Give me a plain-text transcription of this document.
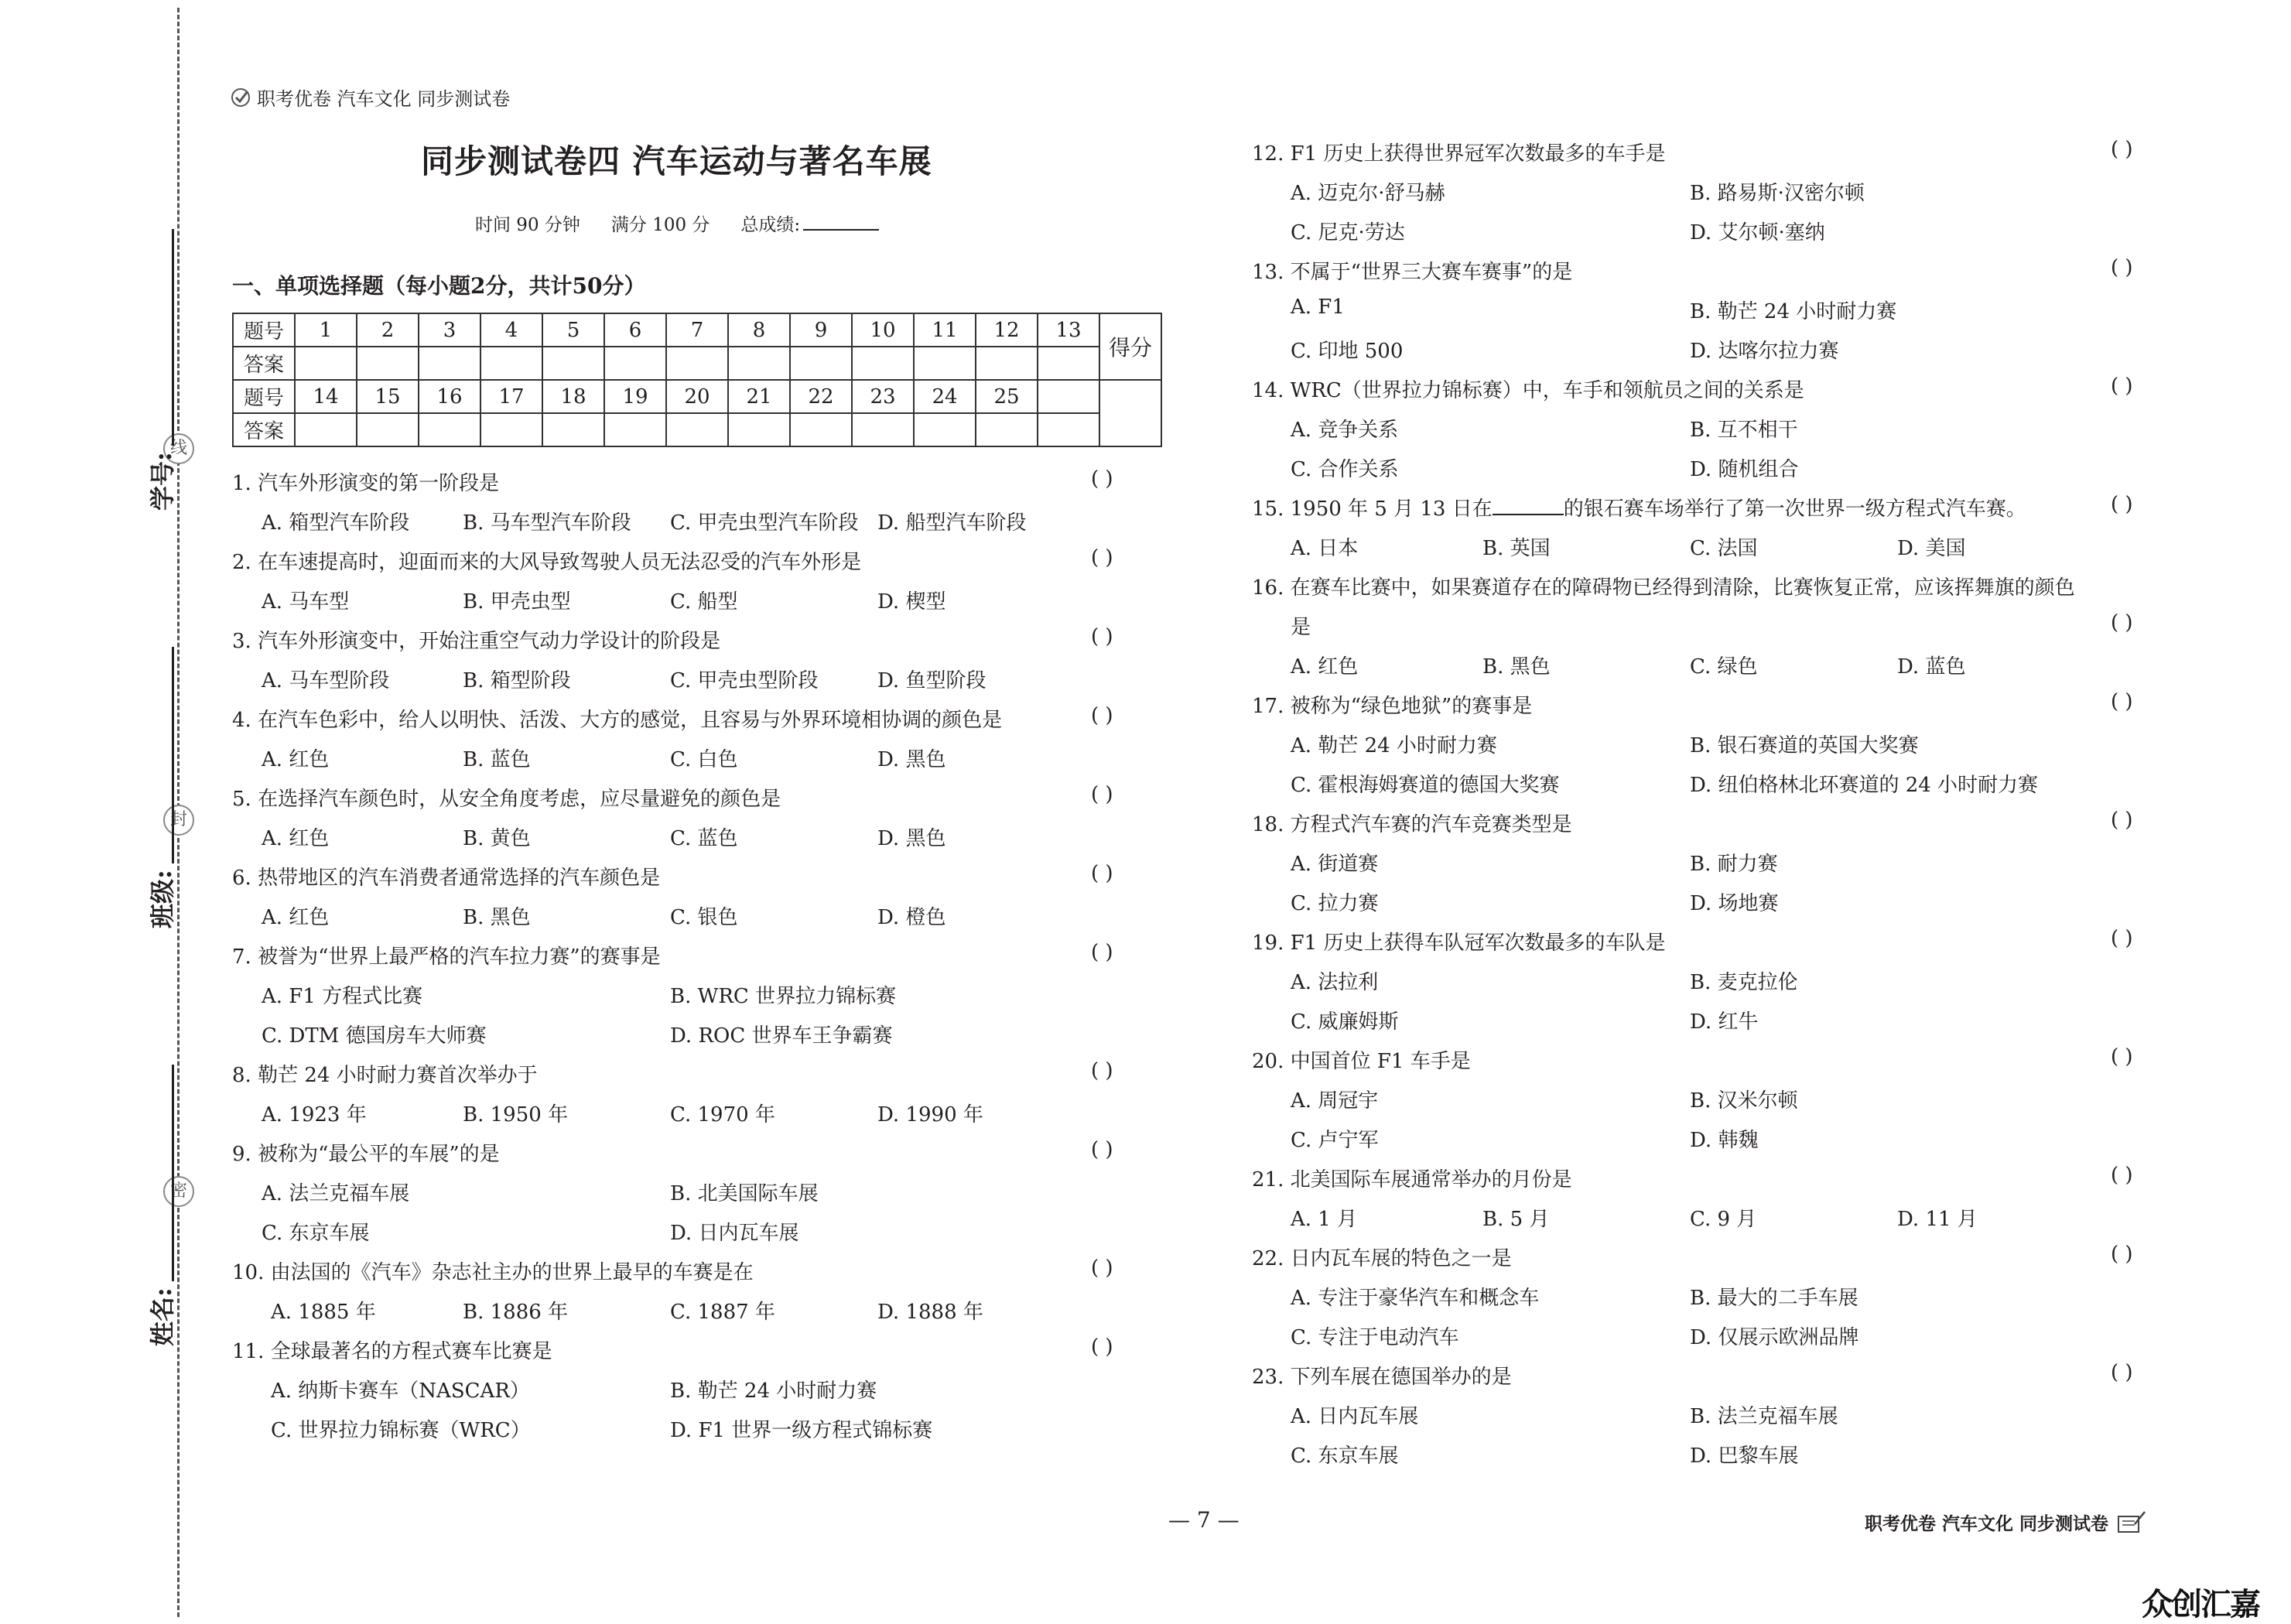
线
封
密
学号:
班级:
姓名:
职考优卷 汽车文化 同步测试卷
同步测试卷四 汽车运动与著名车展
时间 90 分钟 满分 100 分 总成绩:
一、单项选择题（每小题2分，共计50分）
题号	1	2	3	4	5	6	7	8	9	10	11	12	13	得分
答案														
题号	14	15	16	17	18	19	20	21	22	23	24	25		
答案														
1. 汽车外形演变的第一阶段是	( )
A. 箱型汽车阶段	B. 马车型汽车阶段 C. 甲壳虫型汽车阶段 D. 船型汽车阶段
2. 在车速提高时，迎面而来的大风导致驾驶人员无法忍受的汽车外形是	( )
A. 马车型	B. 甲壳虫型	C. 船型	D. 楔型
3. 汽车外形演变中，开始注重空气动力学设计的阶段是	( )
A. 马车型阶段	B. 箱型阶段	C. 甲壳虫型阶段	D. 鱼型阶段
4. 在汽车色彩中，给人以明快、活泼、大方的感觉，且容易与外界环境相协调的颜色是	( )
A. 红色	B. 蓝色	C. 白色	D. 黑色
5. 在选择汽车颜色时，从安全角度考虑，应尽量避免的颜色是	( )
A. 红色	B. 黄色	C. 蓝色	D. 黑色
6. 热带地区的汽车消费者通常选择的汽车颜色是	( )
A. 红色	B. 黑色	C. 银色	D. 橙色
7. 被誉为“世界上最严格的汽车拉力赛”的赛事是	( )
A. F1 方程式比赛	B. WRC 世界拉力锦标赛
C. DTM 德国房车大师赛	D. ROC 世界车王争霸赛
8. 勒芒 24 小时耐力赛首次举办于	( )
A. 1923 年	B. 1950 年	C. 1970 年	D. 1990 年
9. 被称为“最公平的车展”的是	( )
A. 法兰克福车展	B. 北美国际车展
C. 东京车展	D. 日内瓦车展
10. 由法国的《汽车》杂志社主办的世界上最早的车赛是在	( )
A. 1885 年	B. 1886 年	C. 1887 年	D. 1888 年
11. 全球最著名的方程式赛车比赛是	( )
A. 纳斯卡赛车（NASCAR）	B. 勒芒 24 小时耐力赛
C. 世界拉力锦标赛（WRC）	D. F1 世界一级方程式锦标赛
12. F1 历史上获得世界冠军次数最多的车手是	( )
A. 迈克尔·舒马赫	B. 路易斯·汉密尔顿
C. 尼克·劳达	D. 艾尔顿·塞纳
13. 不属于“世界三大赛车赛事”的是	( )
A. F1	B. 勒芒 24 小时耐力赛
C. 印地 500	D. 达喀尔拉力赛
14. WRC（世界拉力锦标赛）中，车手和领航员之间的关系是	( )
A. 竞争关系	B. 互不相干
C. 合作关系	D. 随机组合
15. 1950 年 5 月 13 日在	的银石赛车场举行了第一次世界一级方程式汽车赛。	( )
A. 日本	B. 英国	C. 法国	D. 美国
16. 在赛车比赛中，如果赛道存在的障碍物已经得到清除，比赛恢复正常，应该挥舞旗的颜色
是	( )
A. 红色	B. 黑色	C. 绿色	D. 蓝色
17. 被称为“绿色地狱”的赛事是	( )
A. 勒芒 24 小时耐力赛	B. 银石赛道的英国大奖赛
C. 霍根海姆赛道的德国大奖赛	D. 纽伯格林北环赛道的 24 小时耐力赛
18. 方程式汽车赛的汽车竞赛类型是	( )
A. 街道赛	B. 耐力赛
C. 拉力赛	D. 场地赛
19. F1 历史上获得车队冠军次数最多的车队是	( )
A. 法拉利	B. 麦克拉伦
C. 威廉姆斯	D. 红牛
20. 中国首位 F1 车手是	( )
A. 周冠宇	B. 汉米尔顿
C. 卢宁军	D. 韩魏
21. 北美国际车展通常举办的月份是	( )
A. 1 月	B. 5 月	C. 9 月	D. 11 月
22. 日内瓦车展的特色之一是	( )
A. 专注于豪华汽车和概念车	B. 最大的二手车展
C. 专注于电动汽车	D. 仅展示欧洲品牌
23. 下列车展在德国举办的是	( )
A. 日内瓦车展	B. 法兰克福车展
C. 东京车展	D. 巴黎车展
— 7 —	职考优卷 汽车文化 同步测试卷
众创汇嘉
